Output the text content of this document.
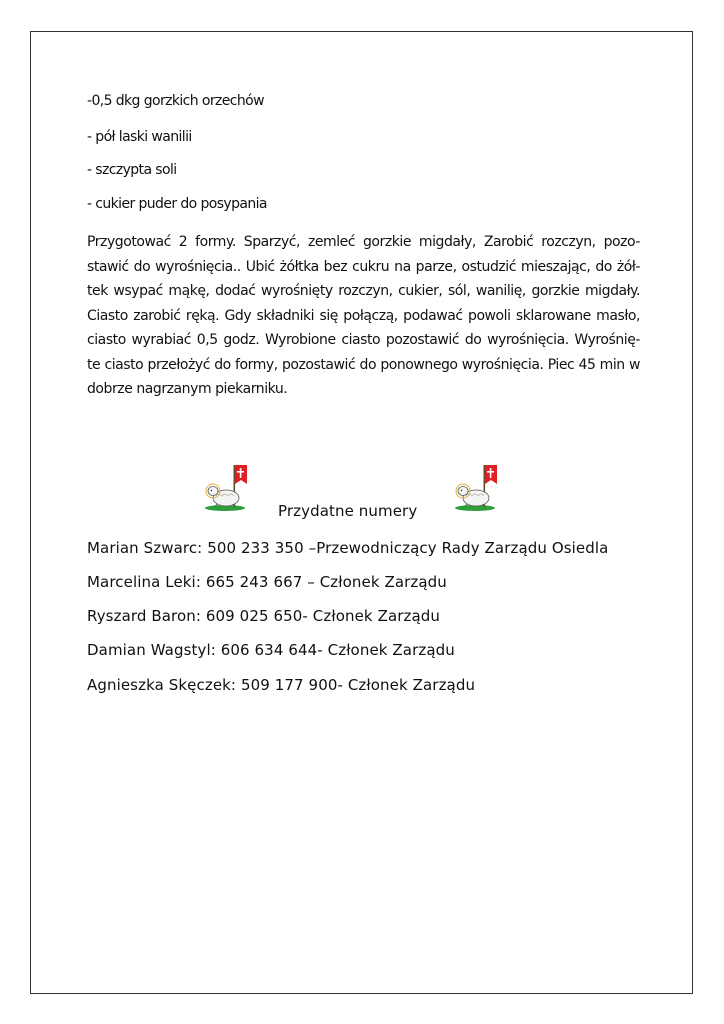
-0,5 dkg gorzkich orzechów
- pół laski wanilii
- szczypta soli
- cukier puder do posypania
Przygotować 2 formy. Sparzyć, zemleć gorzkie migdały, Zarobić rozczyn, pozo-
stawić do wyrośnięcia.. Ubić żółtka bez cukru na parze, ostudzić mieszając, do żół-
tek wsypać mąkę, dodać wyrośnięty rozczyn, cukier, sól, wanilię, gorzkie migdały.
Ciasto zarobić ręką. Gdy składniki się połączą, podawać powoli sklarowane masło,
ciasto wyrabiać 0,5 godz. Wyrobione ciasto pozostawić do wyrośnięcia. Wyrośnię-
te ciasto przełożyć do formy, pozostawić do ponownego wyrośnięcia. Piec 45 min w
dobrze nagrzanym piekarniku.
Przydatne numery
Marian Szwarc: 500 233 350 –Przewodniczący Rady Zarządu Osiedla
Marcelina Leki: 665 243 667 – Członek Zarządu
Ryszard Baron: 609 025 650- Członek Zarządu
Damian Wagstyl: 606 634 644- Członek Zarządu
Agnieszka Skęczek: 509 177 900- Członek Zarządu
